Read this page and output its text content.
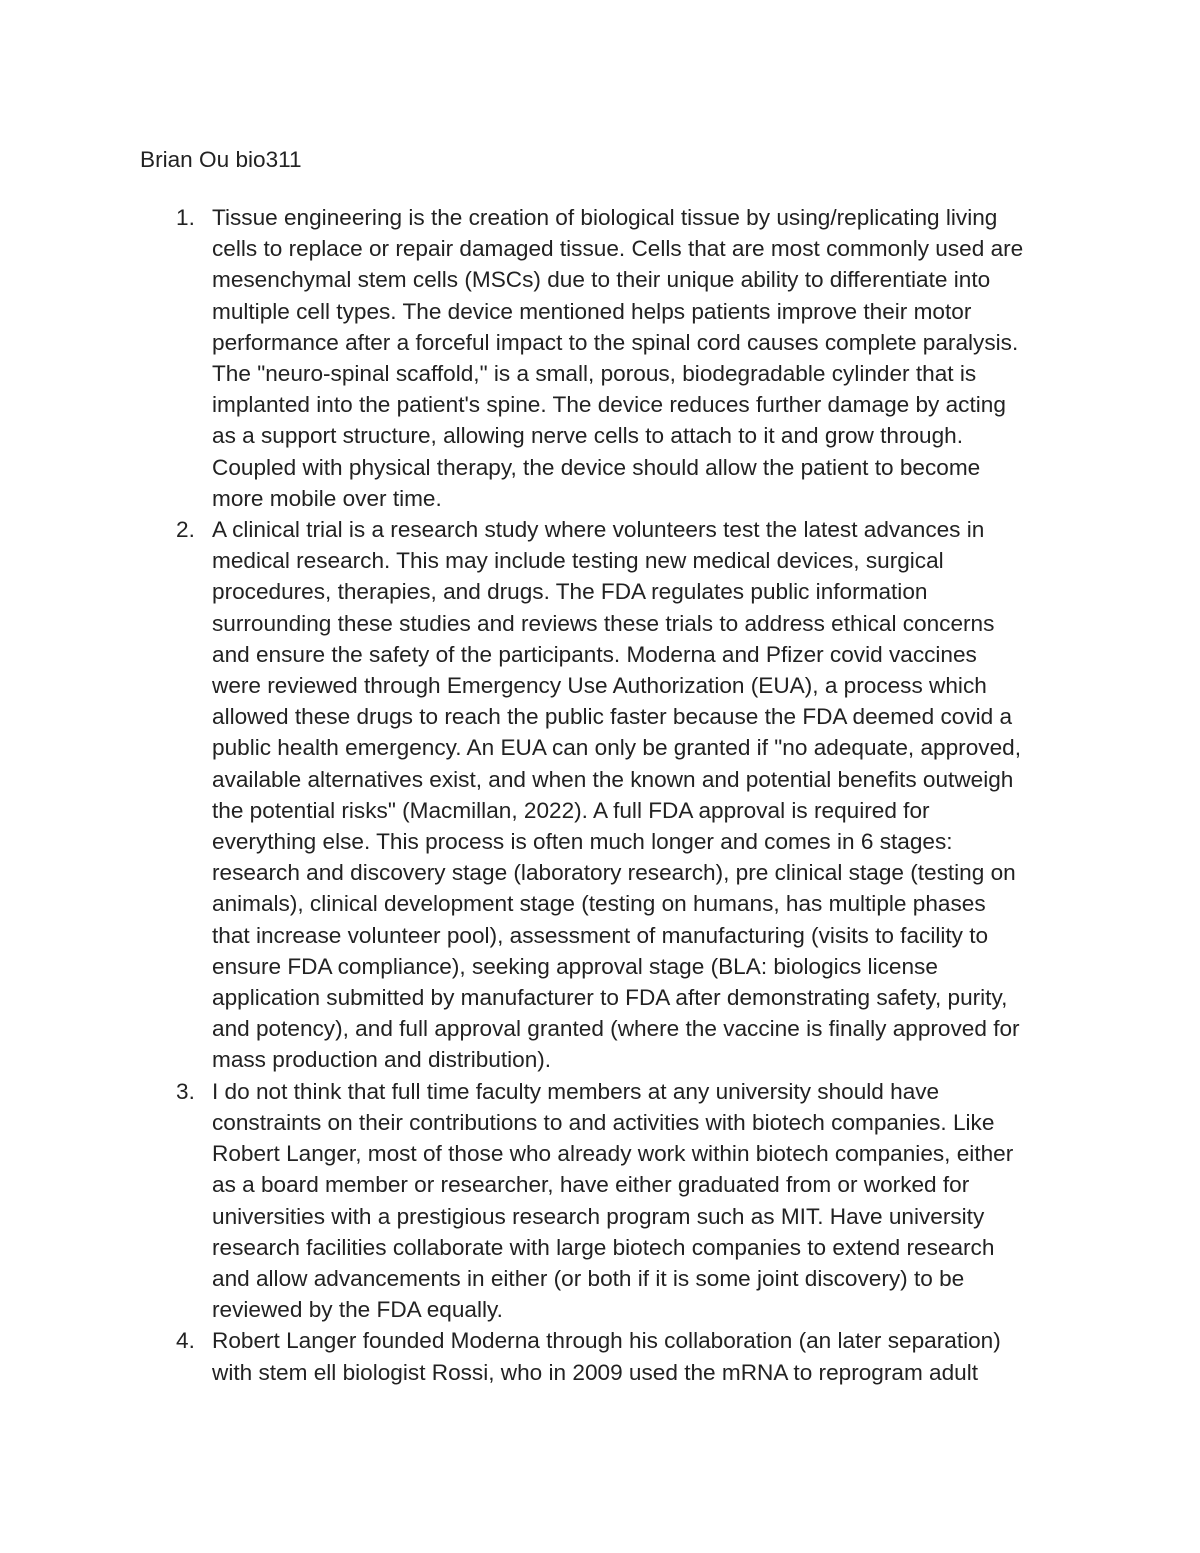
Brian Ou bio311

1. Tissue engineering is the creation of biological tissue by using/replicating living
cells to replace or repair damaged tissue. Cells that are most commonly used are
mesenchymal stem cells (MSCs) due to their unique ability to differentiate into
multiple cell types. The device mentioned helps patients improve their motor
performance after a forceful impact to the spinal cord causes complete paralysis.
The "neuro-spinal scaffold," is a small, porous, biodegradable cylinder that is
implanted into the patient's spine. The device reduces further damage by acting
as a support structure, allowing nerve cells to attach to it and grow through.
Coupled with physical therapy, the device should allow the patient to become
more mobile over time.
2. A clinical trial is a research study where volunteers test the latest advances in
medical research. This may include testing new medical devices, surgical
procedures, therapies, and drugs. The FDA regulates public information
surrounding these studies and reviews these trials to address ethical concerns
and ensure the safety of the participants. Moderna and Pfizer covid vaccines
were reviewed through Emergency Use Authorization (EUA), a process which
allowed these drugs to reach the public faster because the FDA deemed covid a
public health emergency. An EUA can only be granted if "no adequate, approved,
available alternatives exist, and when the known and potential benefits outweigh
the potential risks" (Macmillan, 2022). A full FDA approval is required for
everything else. This process is often much longer and comes in 6 stages:
research and discovery stage (laboratory research), pre clinical stage (testing on
animals), clinical development stage (testing on humans, has multiple phases
that increase volunteer pool), assessment of manufacturing (visits to facility to
ensure FDA compliance), seeking approval stage (BLA: biologics license
application submitted by manufacturer to FDA after demonstrating safety, purity,
and potency), and full approval granted (where the vaccine is finally approved for
mass production and distribution).
3. I do not think that full time faculty members at any university should have
constraints on their contributions to and activities with biotech companies. Like
Robert Langer, most of those who already work within biotech companies, either
as a board member or researcher, have either graduated from or worked for
universities with a prestigious research program such as MIT. Have university
research facilities collaborate with large biotech companies to extend research
and allow advancements in either (or both if it is some joint discovery) to be
reviewed by the FDA equally.
4. Robert Langer founded Moderna through his collaboration (an later separation)
with stem ell biologist Rossi, who in 2009 used the mRNA to reprogram adult
